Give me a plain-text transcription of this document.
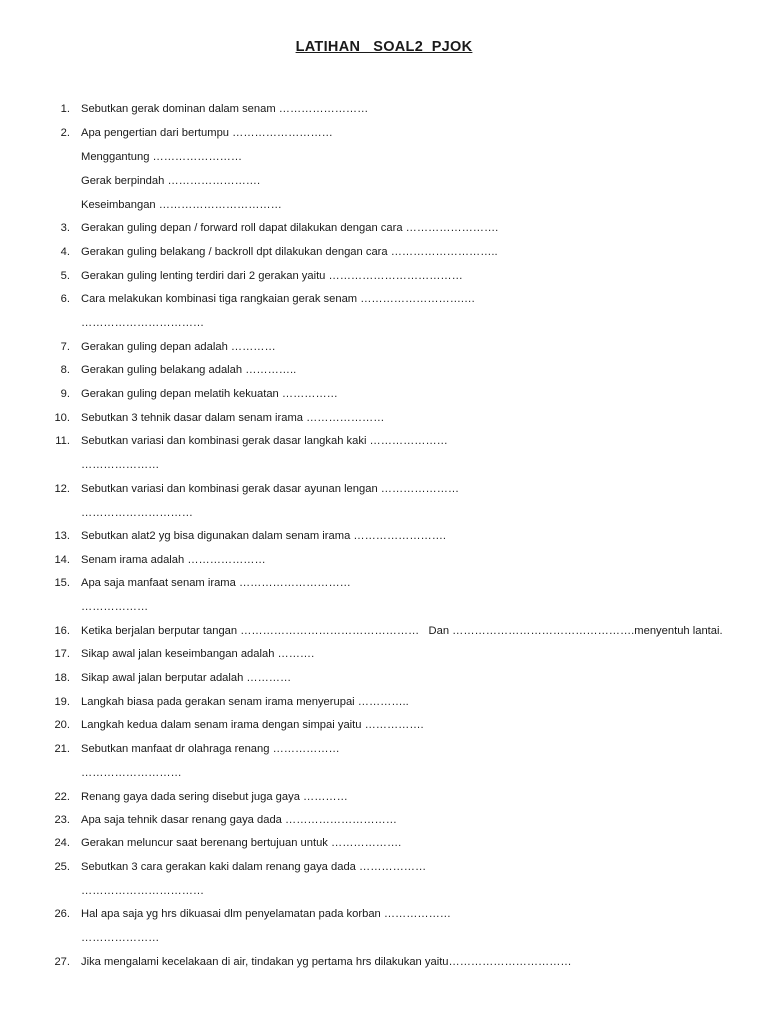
LATIHAN   SOAL2  PJOK
1. Sebutkan gerak dominan dalam senam ……………………
2. Apa pengertian dari bertumpu ………………………
Menggantung ……………………
Gerak berpindah …………………….
Keseimbangan ……………………………
3. Gerakan guling depan / forward roll dapat dilakukan dengan cara …………………….
4. Gerakan guling belakang / backroll dpt dilakukan dengan cara ………………………..
5. Gerakan guling lenting terdiri dari 2 gerakan yaitu ………………………………
6. Cara melakukan kombinasi tiga rangkaian gerak senam ……………………….…
……………………………
7. Gerakan guling depan adalah …………
8. Gerakan guling belakang adalah …………..
9. Gerakan guling depan melatih kekuatan ……………
10. Sebutkan 3 tehnik dasar dalam senam irama …………………
11. Sebutkan variasi dan kombinasi gerak dasar langkah kaki …………………
…………………
12. Sebutkan variasi dan kombinasi gerak dasar ayunan lengan …………………
…………………………
13. Sebutkan alat2 yg bisa digunakan dalam senam irama …………………….
14. Senam irama adalah …………………
15. Apa saja manfaat senam irama …………………………
………………
16. Ketika berjalan berputar tangan …………………………………………   Dan ………………………………………….menyentuh lantai.
17. Sikap awal jalan keseimbangan adalah ……….
18. Sikap awal jalan berputar adalah …………
19. Langkah biasa pada gerakan senam irama menyerupai …………..
20. Langkah kedua dalam senam irama dengan simpai yaitu …………….
21. Sebutkan manfaat dr olahraga renang ………………
………………………
22. Renang gaya dada sering disebut juga gaya …………
23. Apa saja tehnik dasar renang gaya dada …………………………
24. Gerakan meluncur saat berenang bertujuan untuk ……………….
25. Sebutkan 3 cara gerakan kaki dalam renang gaya dada ………………
……………………………
26. Hal apa saja yg hrs dikuasai dlm penyelamatan pada korban ………………
…………………
27. Jika mengalami kecelakaan di air, tindakan yg pertama hrs dilakukan yaitu……………………………
